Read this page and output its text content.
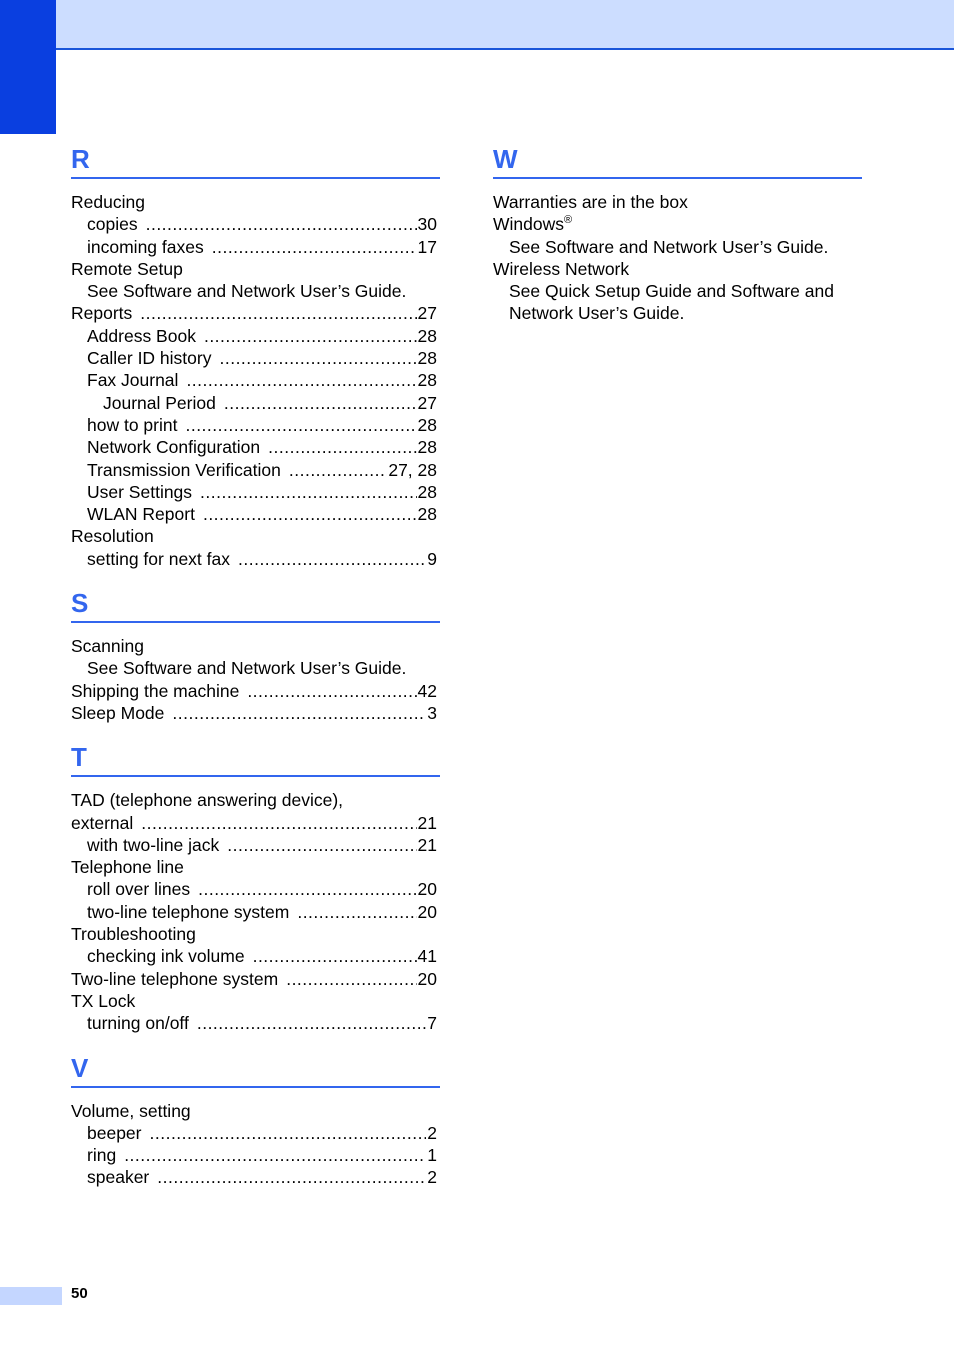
R
Reducing
copies .....	30
incoming faxes .....	17
Remote Setup
See Software and Network User’s Guide.
Reports .....	27
Address Book .....	28
Caller ID history .....	28
Fax Journal .....	28
Journal Period .....	27
how to print .....	28
Network Configuration .....	28
Transmission Verification .....	27, 28
User Settings .....	28
WLAN Report .....	28
Resolution
setting for next fax .....	9
S
Scanning
See Software and Network User’s Guide.
Shipping the machine .....	42
Sleep Mode .....	3
T
TAD (telephone answering device),
external .....	21
with two-line jack .....	21
Telephone line
roll over lines .....	20
two-line telephone system .....	20
Troubleshooting
checking ink volume .....	41
Two-line telephone system .....	20
TX Lock
turning on/off .....	7
V
Volume, setting
beeper .....	2
ring .....	1
speaker .....	2
W
Warranties are in the box
Windows®
See Software and Network User’s Guide.
Wireless Network
See Quick Setup Guide and Software and
Network User’s Guide.
50
